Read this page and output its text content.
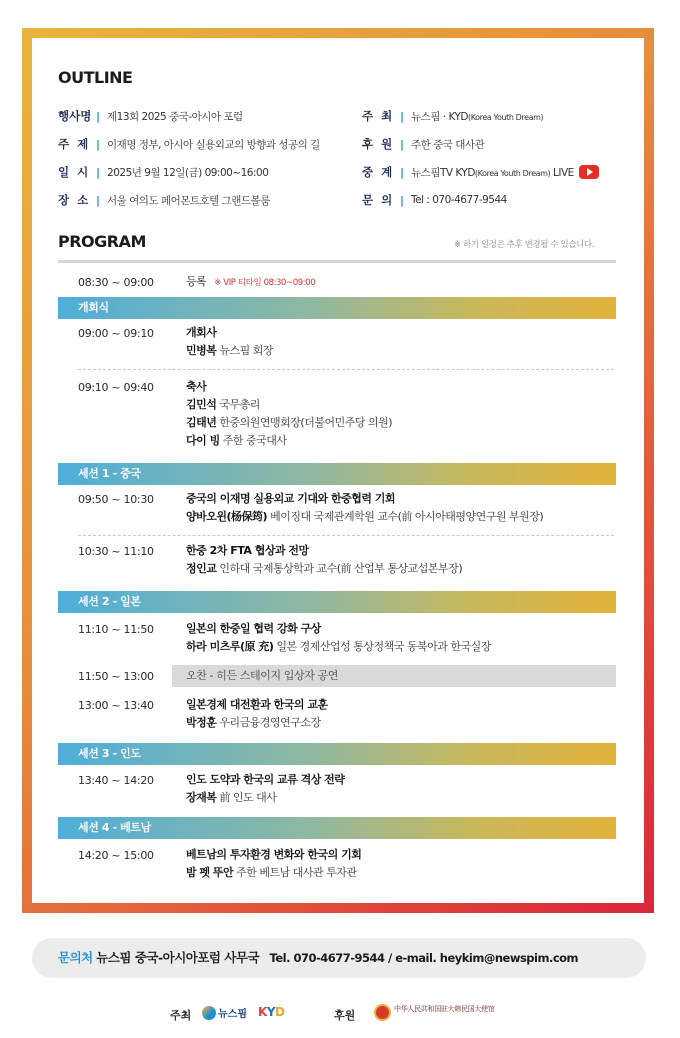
OUTLINE
행사명 | 제13회 2025 중국-아시아 포럼
주  제 | 이재명 정부, 아시아 실용외교의 방향과 성공의 길
일  시 | 2025년 9월 12일(금) 09:00~16:00
장  소 | 서울 여의도 페어몬트호텔 그랜드볼룸
주  최 | 뉴스핌 · KYD(Korea Youth Dream)
후  원 | 주한 중국 대사관
중  계 | 뉴스핌TV KYD(Korea Youth Dream) LIVE
문  의 | Tel : 070-4677-9544
PROGRAM	※ 하기 일정은 추후 변경될 수 있습니다.
08:30 ~ 09:00	등록 ※ VIP 티타임 08:30~09:00
개회식
09:00 ~ 09:10	개회사
민병복 뉴스핌 회장
09:10 ~ 09:40	축사
김민석 국무총리
김태년 한중의원연맹회장(더불어민주당 의원)
다이 빙 주한 중국대사
세션 1 - 중국
09:50 ~ 10:30	중국의 이재명 실용외교 기대와 한중협력 기회
양바오윈(杨保筠) 베이징대 국제관계학원 교수(前 아시아태평양연구원 부원장)
10:30 ~ 11:10	한중 2차 FTA 협상과 전망
정인교 인하대 국제통상학과 교수(前 산업부 통상교섭본부장)
세션 2 - 일본
11:10 ~ 11:50	일본의 한중일 협력 강화 구상
하라 미츠루(原 充) 일본 경제산업성 통상정책국 동북아과 한국실장
11:50 ~ 13:00	오찬 - 히든 스테이지 입상자 공연
13:00 ~ 13:40	일본경제 대전환과 한국의 교훈
박정훈 우리금융경영연구소장
세션 3 - 인도
13:40 ~ 14:20	인도 도약과 한국의 교류 격상 전략
장재복 前 인도 대사
세션 4 - 베트남
14:20 ~ 15:00	베트남의 투자환경 변화와 한국의 기회
밤 펫 뚜안 주한 베트남 대사관 투자관
문의처 뉴스핌 중국-아시아포럼 사무국 Tel. 070-4677-9544 / e-mail. heykim@newspim.com
주최	뉴스핌 KYD	후원	中华人民共和国驻大韩民国大使馆
